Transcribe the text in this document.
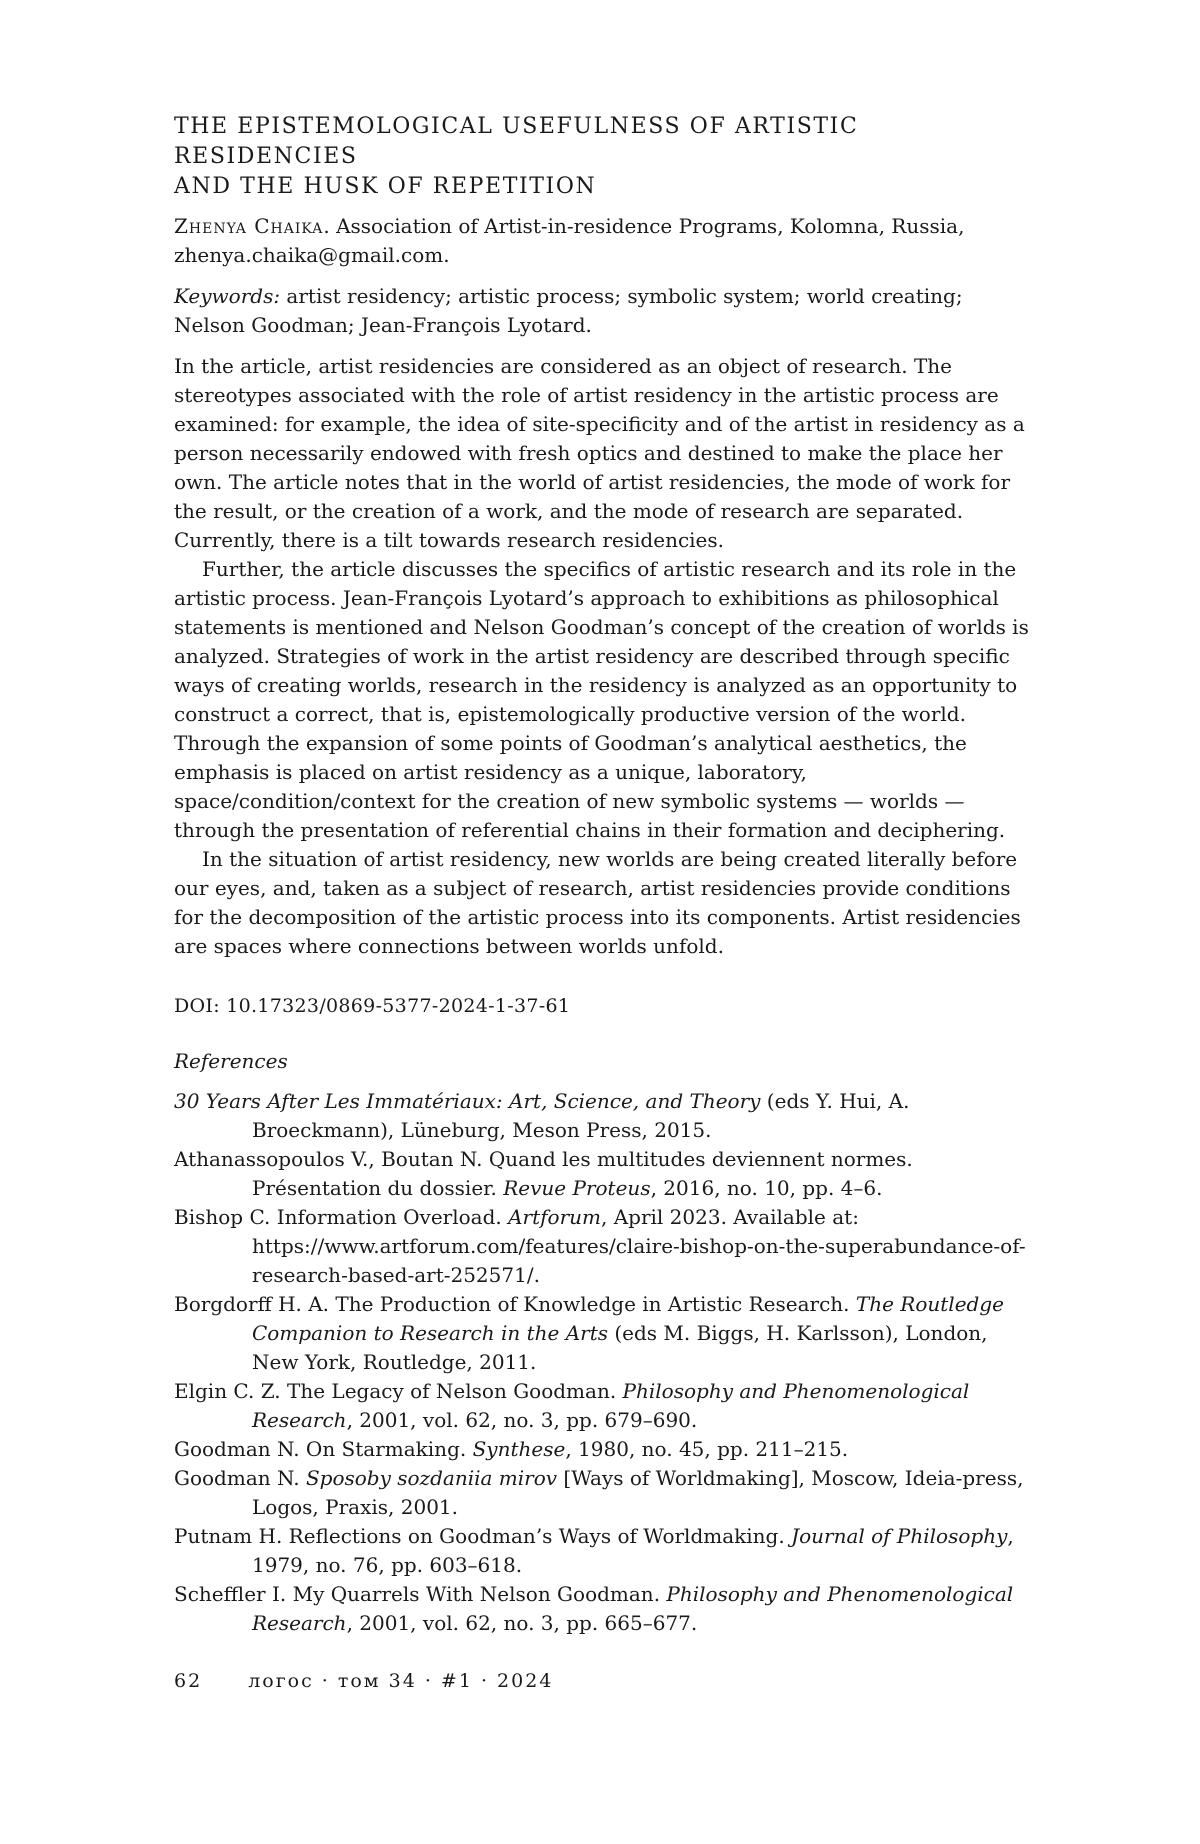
THE EPISTEMOLOGICAL USEFULNESS OF ARTISTIC RESIDENCIES
AND THE HUSK OF REPETITION

Zhenya Chaika. Association of Artist-in-residence Programs, Kolomna, Russia,
zhenya.chaika@gmail.com.

Keywords: artist residency; artistic process; symbolic system; world creating; Nelson Goodman; Jean-François Lyotard.

In the article, artist residencies are considered as an object of research. The stereotypes associated with the role of artist residency in the artistic process are examined: for example, the idea of site-specificity and of the artist in residency as a person necessarily endowed with fresh optics and destined to make the place her own. The article notes that in the world of artist residencies, the mode of work for the result, or the creation of a work, and the mode of research are separated. Currently, there is a tilt towards research residencies.

Further, the article discusses the specifics of artistic research and its role in the artistic process. Jean-François Lyotard’s approach to exhibitions as philosophical statements is mentioned and Nelson Goodman’s concept of the creation of worlds is analyzed. Strategies of work in the artist residency are described through specific ways of creating worlds, research in the residency is analyzed as an opportunity to construct a correct, that is, epistemologically productive version of the world. Through the expansion of some points of Goodman’s analytical aesthetics, the emphasis is placed on artist residency as a unique, laboratory, space/condition/context for the creation of new symbolic systems — worlds — through the presentation of referential chains in their formation and deciphering.

In the situation of artist residency, new worlds are being created literally before our eyes, and, taken as a subject of research, artist residencies provide conditions for the decomposition of the artistic process into its components. Artist residencies are spaces where connections between worlds unfold.

DOI: 10.17323/0869-5377-2024-1-37-61

References

30 Years After Les Immatériaux: Art, Science, and Theory (eds Y. Hui, A. Broeckmann), Lüneburg, Meson Press, 2015.

Athanassopoulos V., Boutan N. Quand les multitudes deviennent normes. Présentation du dossier. Revue Proteus, 2016, no. 10, pp. 4–6.

Bishop C. Information Overload. Artforum, April 2023. Available at: https://www.artforum.com/features/claire-bishop-on-the-superabundance-of-research-based-art-252571/.

Borgdorff H. A. The Production of Knowledge in Artistic Research. The Routledge Companion to Research in the Arts (eds M. Biggs, H. Karlsson), London, New York, Routledge, 2011.

Elgin C. Z. The Legacy of Nelson Goodman. Philosophy and Phenomenological Research, 2001, vol. 62, no. 3, pp. 679–690.

Goodman N. On Starmaking. Synthese, 1980, no. 45, pp. 211–215.

Goodman N. Sposoby sozdaniia mirov [Ways of Worldmaking], Moscow, Ideia-press, Logos, Praxis, 2001.

Putnam H. Reflections on Goodman’s Ways of Worldmaking. Journal of Philosophy, 1979, no. 76, pp. 603–618.

Scheffler I. My Quarrels With Nelson Goodman. Philosophy and Phenomenological Research, 2001, vol. 62, no. 3, pp. 665–677.

62 логос · том 34 · #1 · 2024
